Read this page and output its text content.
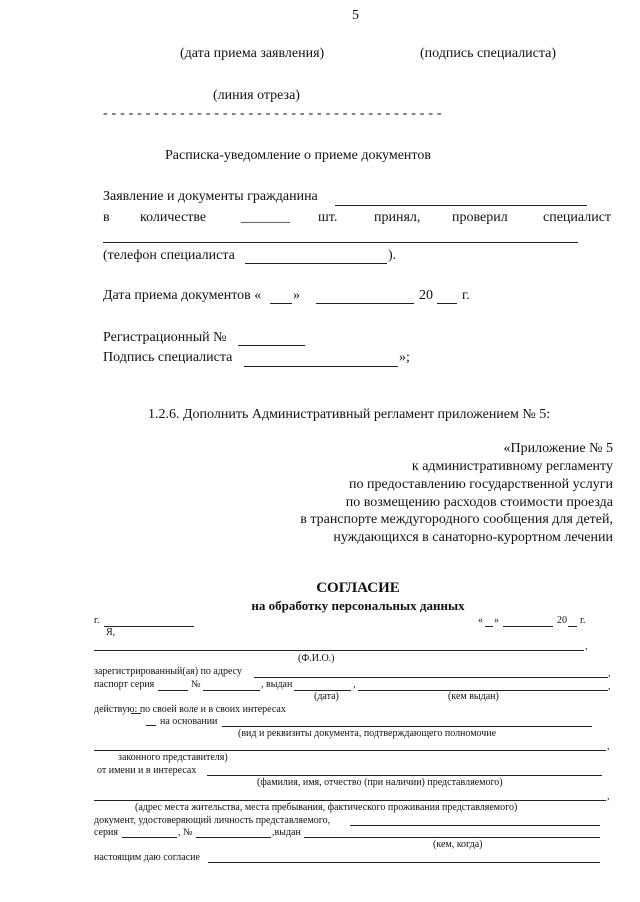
5
(дата приема заявления)	(подпись специалиста)
(линия отреза)
- - - - - - - - - - - - - - - - - - - - - - - - - - - - - - - - - - - - - - - -
Расписка-уведомление о приеме документов
Заявление и документы гражданина
в количестве _______ шт.	принял, проверил	специалист
(телефон специалиста	).
Дата приема документов « »	20 г.
Регистрационный №
Подпись специалиста	»;
1.2.6. Дополнить Административный регламент приложением № 5:
«Приложение № 5
к административному регламенту
по предоставлению государственной услуги
по возмещению расходов стоимости проезда
в транспорте междугородного сообщения для детей,
нуждающихся в санаторно-курортном лечении
СОГЛАСИЕ
на обработку персональных данных
г.	« »	20 г.
Я,
,
(Ф.И.О.)
зарегистрированный(ая) по адресу	,
паспорт серия	№	, выдан	,	,
(дата)	(кем выдан)
действую: по своей воле и в своих интересах
на основании
(вид и реквизиты документа, подтверждающего полномочие
,
законного представителя)
от имени и в интересах
(фамилия, имя, отчество (при наличии) представляемого)
,
(адрес места жительства, места пребывания, фактического проживания представляемого)
документ, удостоверяющий личность представляемого,
серия	, №	,выдан
(кем, когда)
настоящим даю согласие
